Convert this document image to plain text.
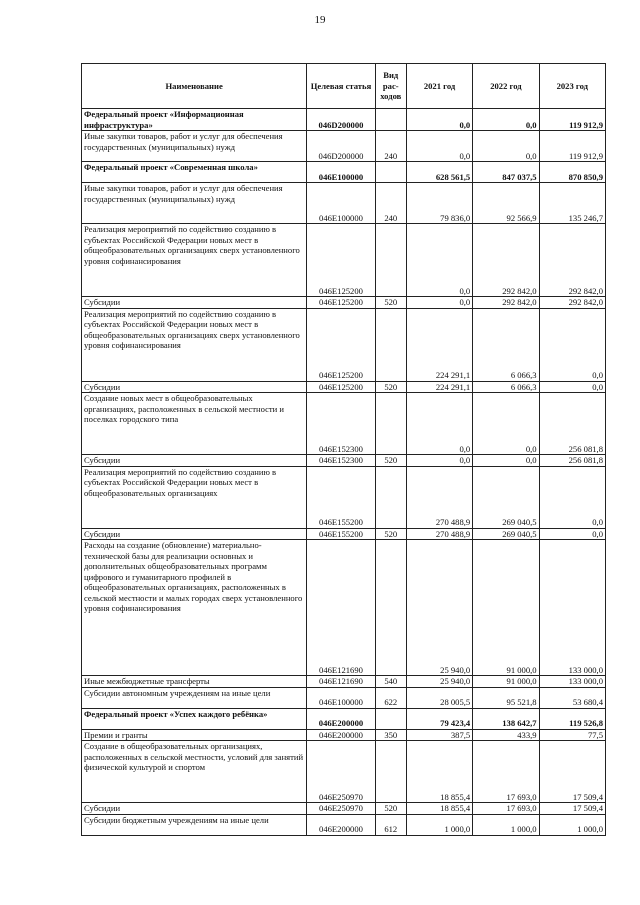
19
Наименование	Целевая статья	Вид рас-ходов	2021 год	2022 год	2023 год
Федеральный проект «Информационная инфраструктура»	046D200000		0,0	0,0	119 912,9
Иные закупки товаров, работ и услуг для обеспечения государственных (муниципальных) нужд	046D200000	240	0,0	0,0	119 912,9
Федеральный проект «Современная школа»	046E100000		628 561,5	847 037,5	870 850,9
Иные закупки товаров, работ и услуг для обеспечения государственных (муниципальных) нужд	046E100000	240	79 836,0	92 566,9	135 246,7
Реализация мероприятий по содействию созданию в субъектах Российской Федерации новых мест в общеобразовательных организациях сверх установленного уровня софинансирования	046E125200		0,0	292 842,0	292 842,0
Субсидии	046E125200	520	0,0	292 842,0	292 842,0
Реализация мероприятий по содействию созданию в субъектах Российской Федерации новых мест в общеобразовательных организациях сверх установленного уровня софинансирования	046E125200		224 291,1	6 066,3	0,0
Субсидии	046E125200	520	224 291,1	6 066,3	0,0
Создание новых мест в общеобразовательных организациях, расположенных в сельской местности и поселках городского типа	046E152300		0,0	0,0	256 081,8
Субсидии	046E152300	520	0,0	0,0	256 081,8
Реализация мероприятий по содействию созданию в субъектах Российской Федерации новых мест в общеобразовательных организациях	046E155200		270 488,9	269 040,5	0,0
Субсидии	046E155200	520	270 488,9	269 040,5	0,0
Расходы на создание (обновление) материально-технической базы для реализации основных и дополнительных общеобразовательных программ цифрового и гуманитарного профилей в общеобразовательных организациях, расположенных в сельской местности и малых городах сверх установленного уровня софинансирования	046E121690		25 940,0	91 000,0	133 000,0
Иные межбюджетные трансферты	046E121690	540	25 940,0	91 000,0	133 000,0
Субсидии автономным учреждениям на иные цели	046E100000	622	28 005,5	95 521,8	53 680,4
Федеральный проект «Успех каждого ребёнка»	046E200000		79 423,4	138 642,7	119 526,8
Премии и гранты	046E200000	350	387,5	433,9	77,5
Создание в общеобразовательных организациях, расположенных в сельской местности, условий для занятий физической культурой и спортом	046E250970		18 855,4	17 693,0	17 509,4
Субсидии	046E250970	520	18 855,4	17 693,0	17 509,4
Субсидии бюджетным учреждениям на иные цели	046E200000	612	1 000,0	1 000,0	1 000,0
